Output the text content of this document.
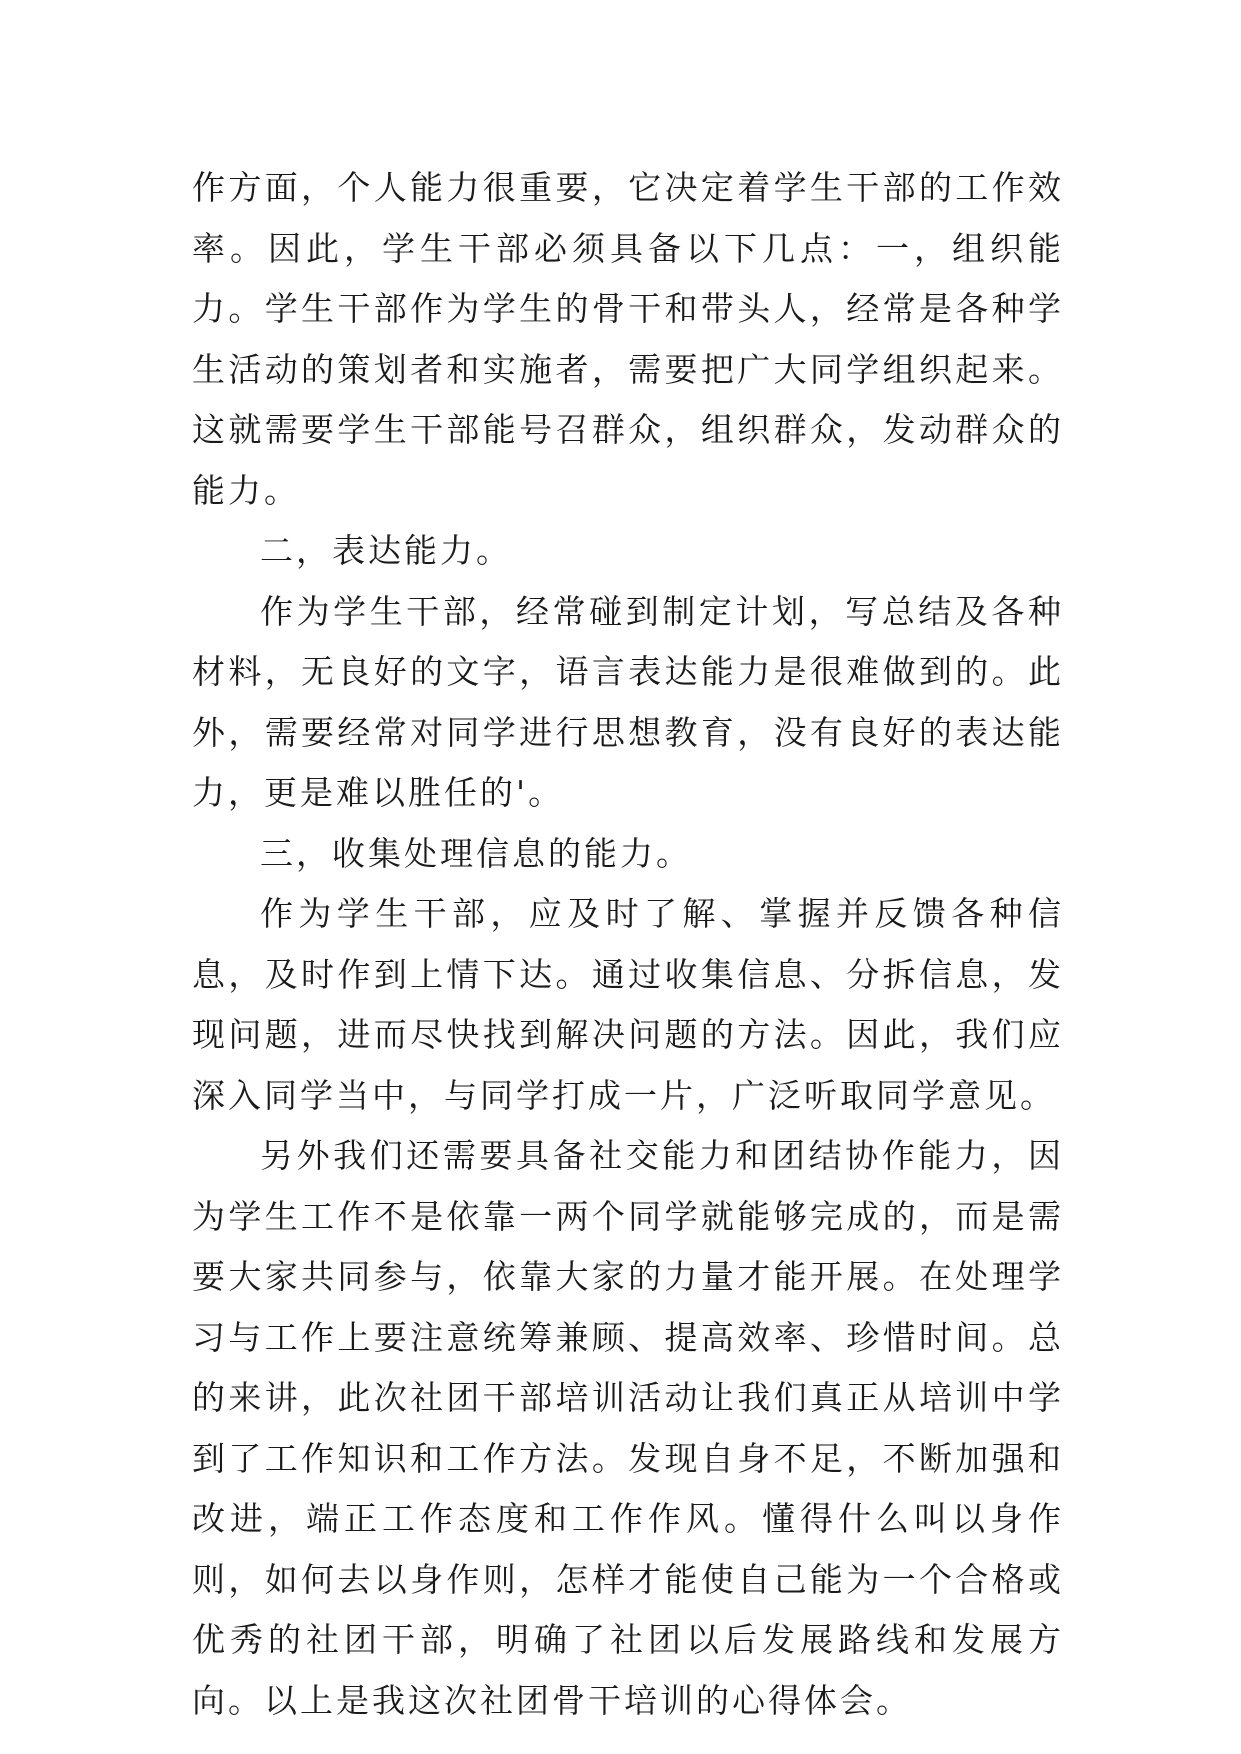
作方面，个人能力很重要，它决定着学生干部的工作效率。因此，学生干部必须具备以下几点：一，组织能力。学生干部作为学生的骨干和带头人，经常是各种学生活动的策划者和实施者，需要把广大同学组织起来。这就需要学生干部能号召群众，组织群众，发动群众的能力。

二，表达能力。

作为学生干部，经常碰到制定计划，写总结及各种材料，无良好的文字，语言表达能力是很难做到的。此外，需要经常对同学进行思想教育，没有良好的表达能力，更是难以胜任的'。

三，收集处理信息的能力。

作为学生干部，应及时了解、掌握并反馈各种信息，及时作到上情下达。通过收集信息、分拆信息，发现问题，进而尽快找到解决问题的方法。因此，我们应深入同学当中，与同学打成一片，广泛听取同学意见。

另外我们还需要具备社交能力和团结协作能力，因为学生工作不是依靠一两个同学就能够完成的，而是需要大家共同参与，依靠大家的力量才能开展。在处理学习与工作上要注意统筹兼顾、提高效率、珍惜时间。总的来讲，此次社团干部培训活动让我们真正从培训中学到了工作知识和工作方法。发现自身不足，不断加强和改进，端正工作态度和工作作风。懂得什么叫以身作则，如何去以身作则，怎样才能使自己能为一个合格或优秀的社团干部，明确了社团以后发展路线和发展方向。以上是我这次社团骨干培训的心得体会。
